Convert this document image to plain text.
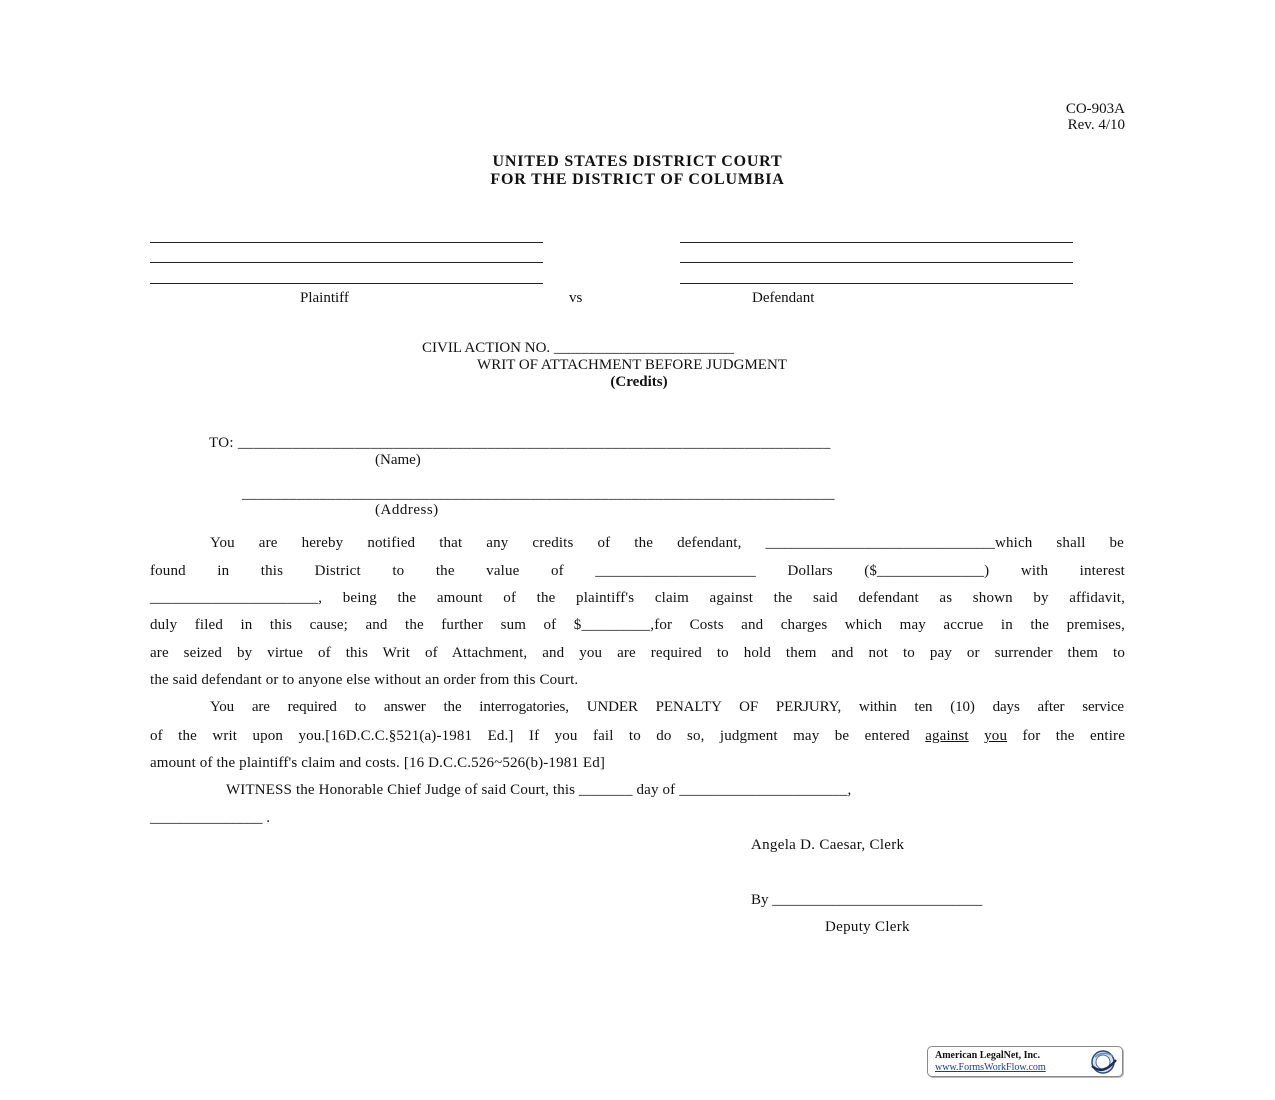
CO-903A
Rev. 4/10
UNITED STATES DISTRICT COURT
FOR THE DISTRICT OF COLUMBIA
Plaintiff	vs	Defendant
CIVIL ACTION NO. ________________________
WRIT OF ATTACHMENT BEFORE JUDGMENT
(Credits)
TO: ____________________________________________________________________________
(Name)
____________________________________________________________________________
(Address)
You are hereby notified that any credits of the defendant, ______________________________which shall be
found in this District to the value of _____________________ Dollars ($______________) with interest
______________________, being the amount of the plaintiff's claim against the said defendant as shown by affidavit,
duly filed in this cause; and the further sum of $_________,for Costs and charges which may accrue in the premises,
are seized by virtue of this Writ of Attachment, and you are required to hold them and not to pay or surrender them to
the said defendant or to anyone else without an order from this Court.
You are required to answer the interrogatories, UNDER PENALTY OF PERJURY, within ten (10) days after service
of the writ upon you.[16D.C.C.§521(a)-1981 Ed.] If you fail to do so, judgment may be entered against you for the entire
amount of the plaintiff's claim and costs. [16 D.C.C.526~526(b)-1981 Ed]
WITNESS the Honorable Chief Judge of said Court, this _______ day of ______________________,
_______________ .
Angela D. Caesar, Clerk
By ____________________________
Deputy Clerk
American LegalNet, Inc.
www.FormsWorkFlow.com
